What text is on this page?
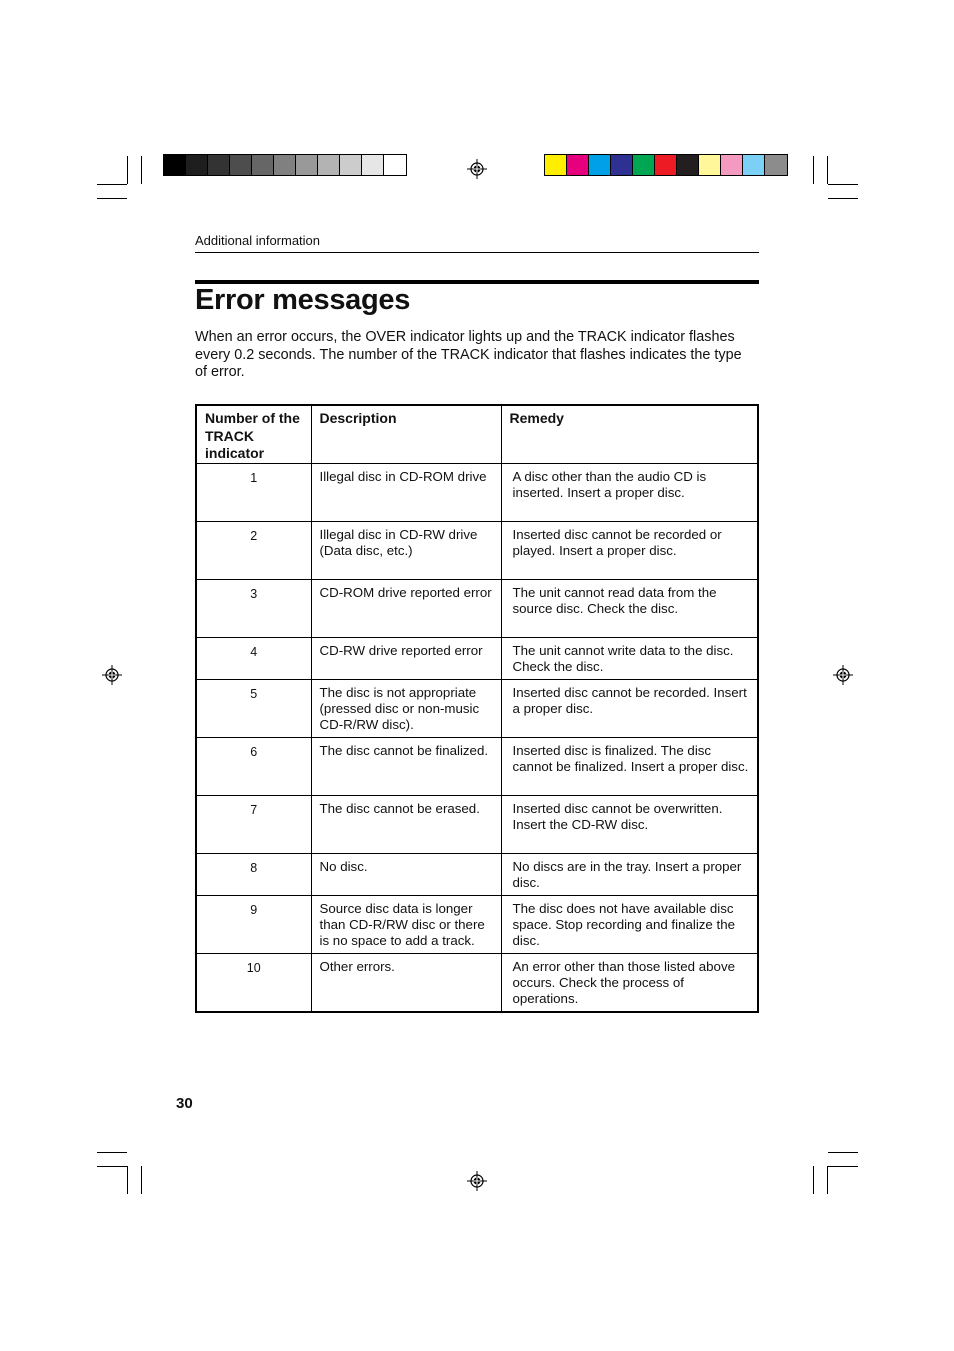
Additional information
Error messages
When an error occurs, the OVER indicator lights up and the TRACK indicator flashes every 0.2 seconds. The number of the TRACK indicator that flashes indicates the type of error.
Number of the TRACK indicator	Description	Remedy
1	Illegal disc in CD-ROM drive	A disc other than the audio CD is inserted. Insert a proper disc.
2	Illegal disc in CD-RW drive (Data disc, etc.)	Inserted disc cannot be recorded or played. Insert a proper disc.
3	CD-ROM drive reported error	The unit cannot read data from the source disc. Check the disc.
4	CD-RW drive reported error	The unit cannot write data to the disc. Check the disc.
5	The disc is not appropriate (pressed disc or non-music CD-R/RW disc).	Inserted disc cannot be recorded. Insert a proper disc.
6	The disc cannot be finalized.	Inserted disc is finalized. The disc cannot be finalized. Insert a proper disc.
7	The disc cannot be erased.	Inserted disc cannot be overwritten. Insert the CD-RW disc.
8	No disc.	No discs are in the tray. Insert a proper disc.
9	Source disc data is longer than CD-R/RW disc or there is no space to add a track.	The disc does not have available disc space. Stop recording and finalize the disc.
10	Other errors.	An error other than those listed above occurs. Check the process of operations.
30
